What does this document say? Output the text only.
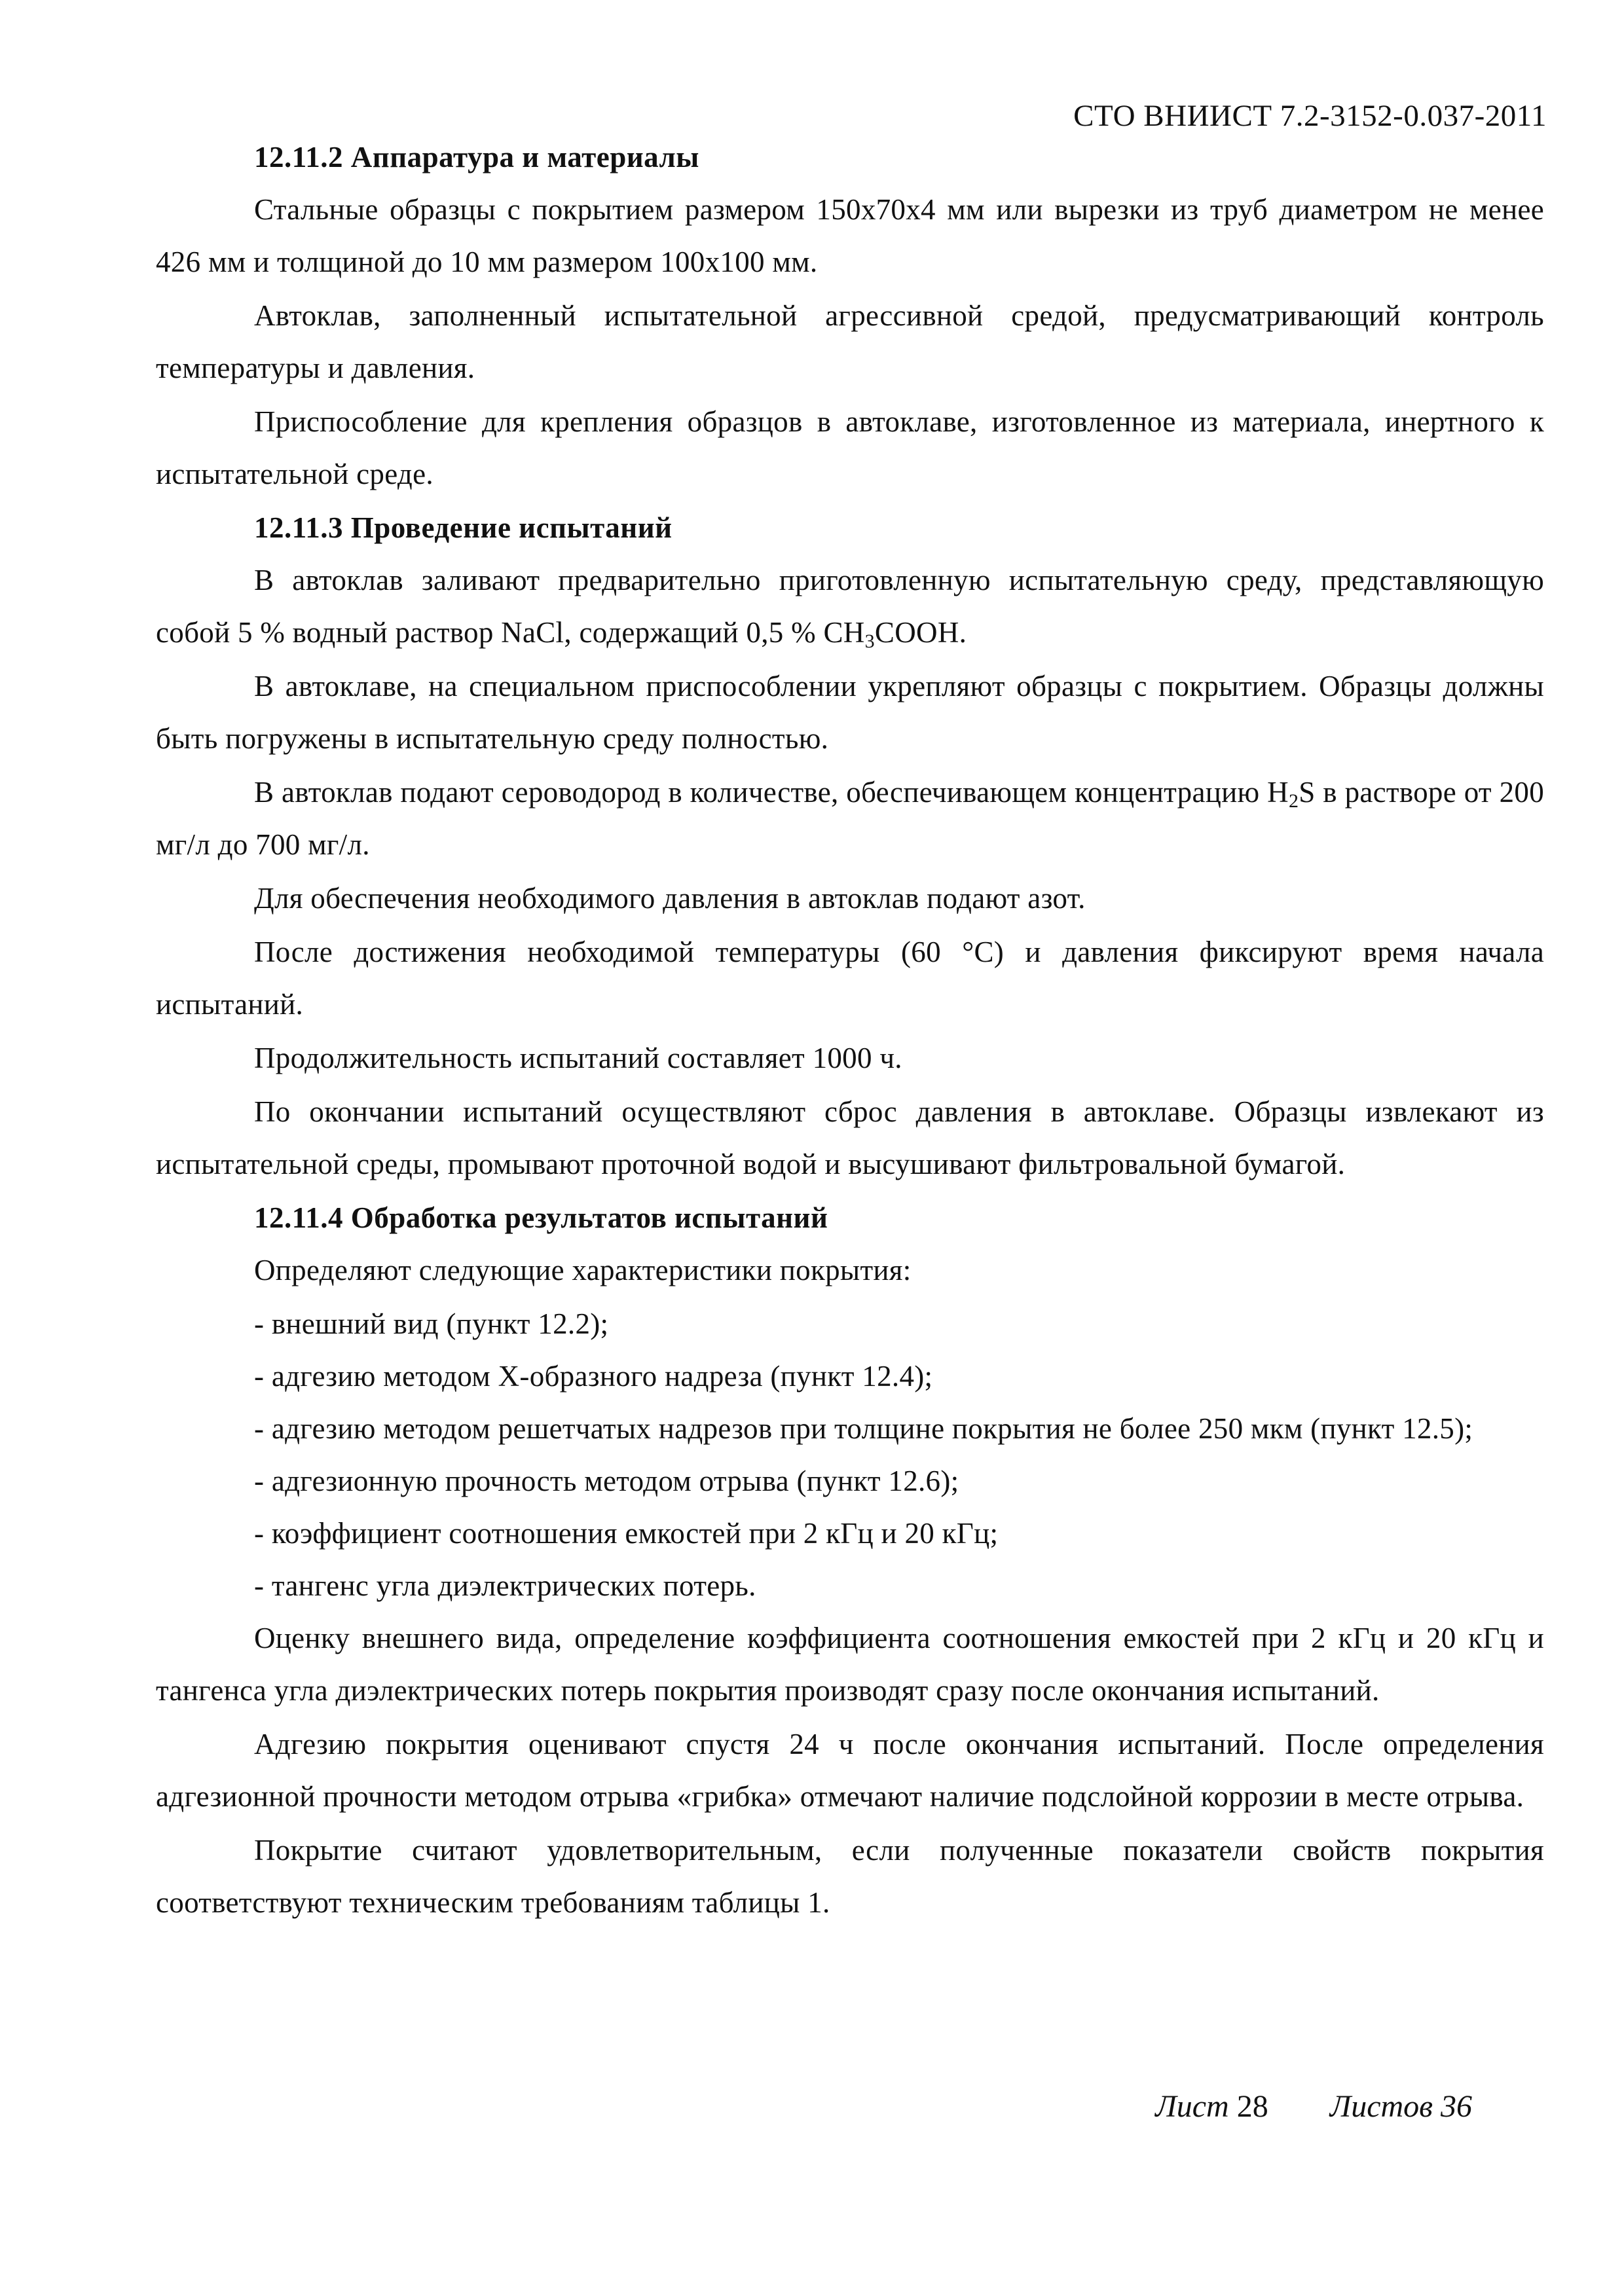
СТО ВНИИСТ 7.2-3152-0.037-2011

12.11.2 Аппаратура и материалы

Стальные образцы с покрытием размером 150х70х4 мм или вырезки из труб диаметром не менее 426 мм и толщиной до 10 мм размером 100х100 мм.

Автоклав, заполненный испытательной агрессивной средой, предусматривающий контроль температуры и давления.

Приспособление для крепления образцов в автоклаве, изготовленное из материала, инертного к испытательной среде.

12.11.3 Проведение испытаний

В автоклав заливают предварительно приготовленную испытательную среду, представляющую собой 5 % водный раствор NaCl, содержащий 0,5 % $CH_3COOH$.

В автоклаве, на специальном приспособлении укрепляют образцы с покрытием. Образцы должны быть погружены в испытательную среду полностью.

В автоклав подают сероводород в количестве, обеспечивающем концентрацию $H_2S$ в растворе от 200 мг/л до 700 мг/л.

Для обеспечения необходимого давления в автоклав подают азот.

После достижения необходимой температуры (60 °С) и давления фиксируют время начала испытаний.

Продолжительность испытаний составляет 1000 ч.

По окончании испытаний осуществляют сброс давления в автоклаве. Образцы извлекают из испытательной среды, промывают проточной водой и высушивают фильтровальной бумагой.

12.11.4 Обработка результатов испытаний

Определяют следующие характеристики покрытия:

- внешний вид (пункт 12.2);

- адгезию методом Х-образного надреза (пункт 12.4);

- адгезию методом решетчатых надрезов при толщине покрытия не более 250 мкм (пункт 12.5);

- адгезионную прочность методом отрыва (пункт 12.6);

- коэффициент соотношения емкостей при 2 кГц и 20 кГц;

- тангенс угла диэлектрических потерь.

Оценку внешнего вида, определение коэффициента соотношения емкостей при 2 кГц и 20 кГц и тангенса угла диэлектрических потерь покрытия производят сразу после окончания испытаний.

Адгезию покрытия оценивают спустя 24 ч после окончания испытаний. После определения адгезионной прочности методом отрыва «грибка» отмечают наличие подслойной коррозии в месте отрыва.

Покрытие считают удовлетворительным, если полученные показатели свойств покрытия соответствуют техническим требованиям таблицы 1.

Лист 28 Листов 36
